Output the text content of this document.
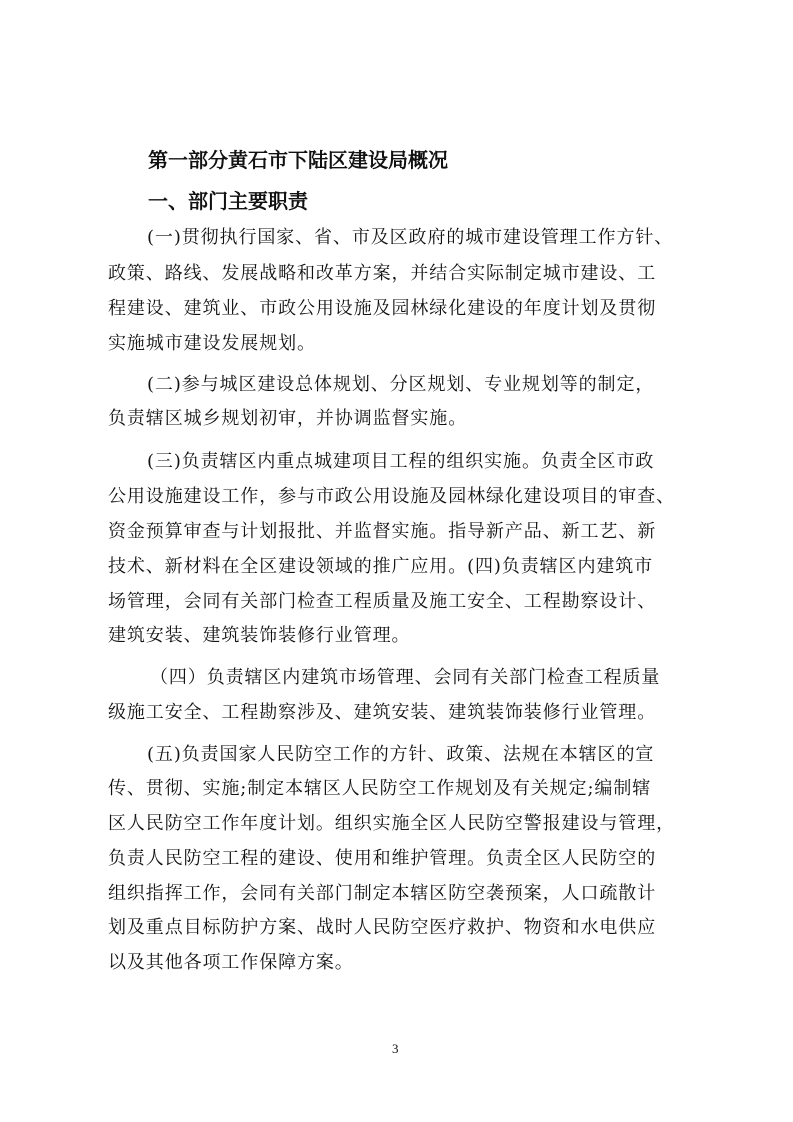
第一部分黄石市下陆区建设局概况
一、部门主要职责
(一)贯彻执行国家、省、市及区政府的城市建设管理工作方针、
政策、路线、发展战略和改革方案，并结合实际制定城市建设、工
程建设、建筑业、市政公用设施及园林绿化建设的年度计划及贯彻
实施城市建设发展规划。
(二)参与城区建设总体规划、分区规划、专业规划等的制定，
负责辖区城乡规划初审，并协调监督实施。
(三)负责辖区内重点城建项目工程的组织实施。负责全区市政
公用设施建设工作，参与市政公用设施及园林绿化建设项目的审查、
资金预算审查与计划报批、并监督实施。指导新产品、新工艺、新
技术、新材料在全区建设领域的推广应用。(四)负责辖区内建筑市
场管理，会同有关部门检查工程质量及施工安全、工程勘察设计、
建筑安装、建筑装饰装修行业管理。
（四）负责辖区内建筑市场管理、会同有关部门检查工程质量
级施工安全、工程勘察涉及、建筑安装、建筑装饰装修行业管理。
(五)负责国家人民防空工作的方针、政策、法规在本辖区的宣
传、贯彻、实施;制定本辖区人民防空工作规划及有关规定;编制辖
区人民防空工作年度计划。组织实施全区人民防空警报建设与管理，
负责人民防空工程的建设、使用和维护管理。负责全区人民防空的
组织指挥工作，会同有关部门制定本辖区防空袭预案，人口疏散计
划及重点目标防护方案、战时人民防空医疗救护、物资和水电供应
以及其他各项工作保障方案。
3
